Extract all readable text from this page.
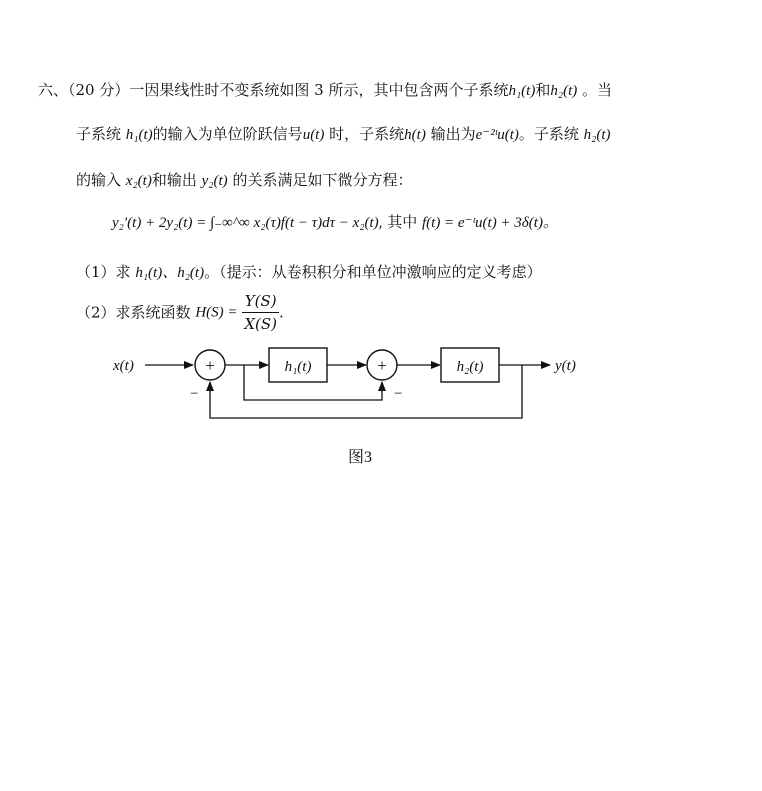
六、（20 分）一因果线性时不变系统如图 3 所示，其中包含两个子系统h₁(t)和h₂(t) 。当
子系统 h₁(t)的输入为单位阶跃信号u(t) 时，子系统h(t) 输出为e⁻²ᵗu(t)。子系统 h₂(t)
的输入 x₂(t)和输出 y₂(t) 的关系满足如下微分方程：
y₂′(t) + 2y₂(t) = ∫₋∞^∞ x₂(τ)f(t − τ)dτ − x₂(t), 其中 f(t) = e⁻ᵗu(t) + 3δ(t)。
（1）求 h₁(t)、h₂(t)。（提示：从卷积积分和单位冲激响应的定义考虑）
（2）求系统函数 $H(S) = \frac{Y(S)}{X(S)}$ .
x(t)	+
−
h₁(t)	+
−
h₂(t)	y(t)
图3
